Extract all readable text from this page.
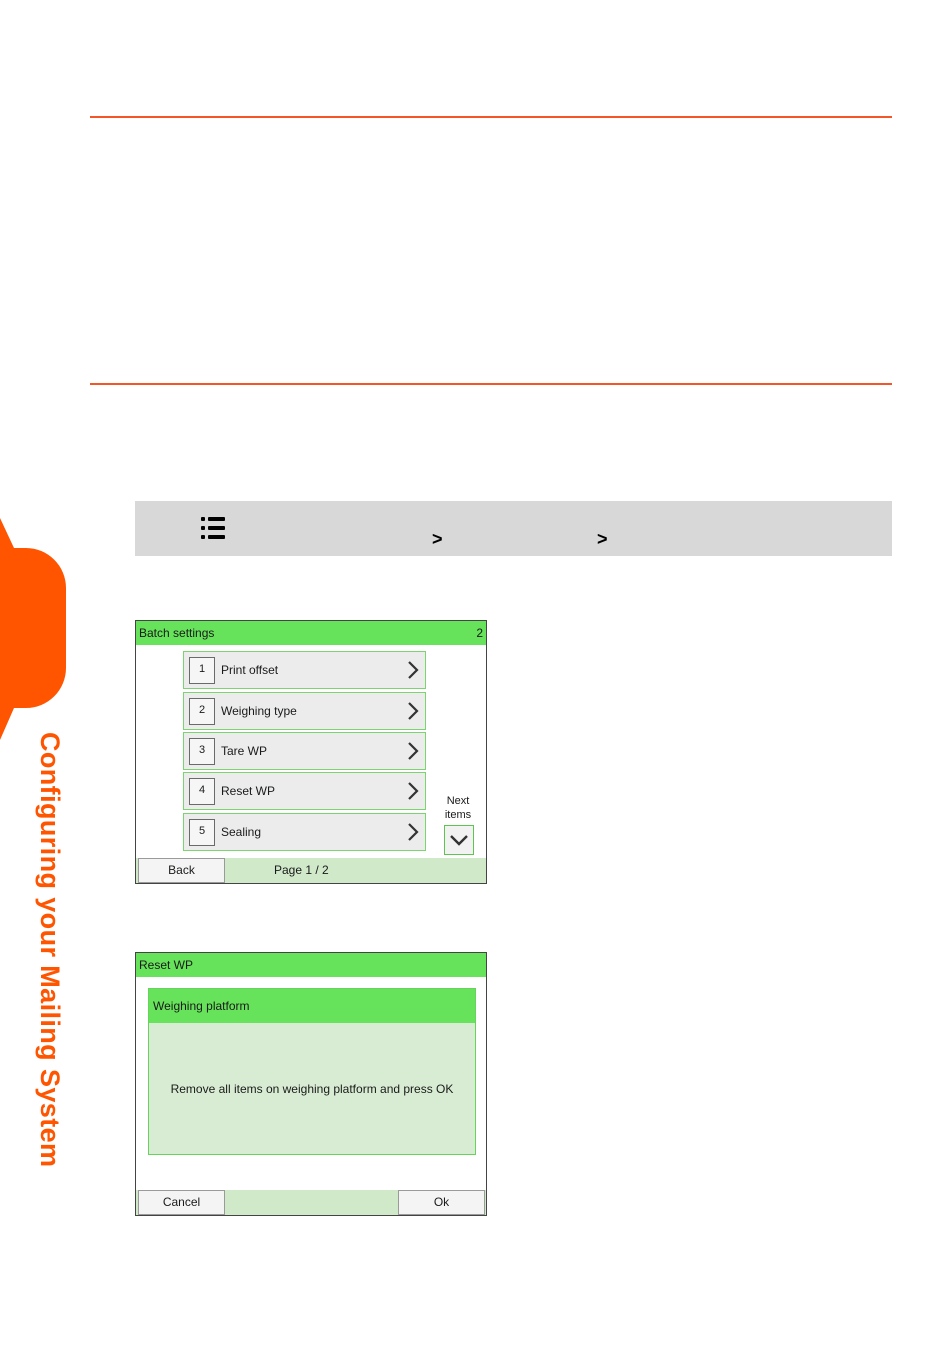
Configuring your Mailing System
>	>
Batch settings	2
1	Print offset
2	Weighing type
3	Tare WP
4	Reset WP
5	Sealing
Next
items
Back	Page 1 / 2
Reset WP
Weighing platform
Remove all items on weighing platform and press OK
Cancel	Ok
